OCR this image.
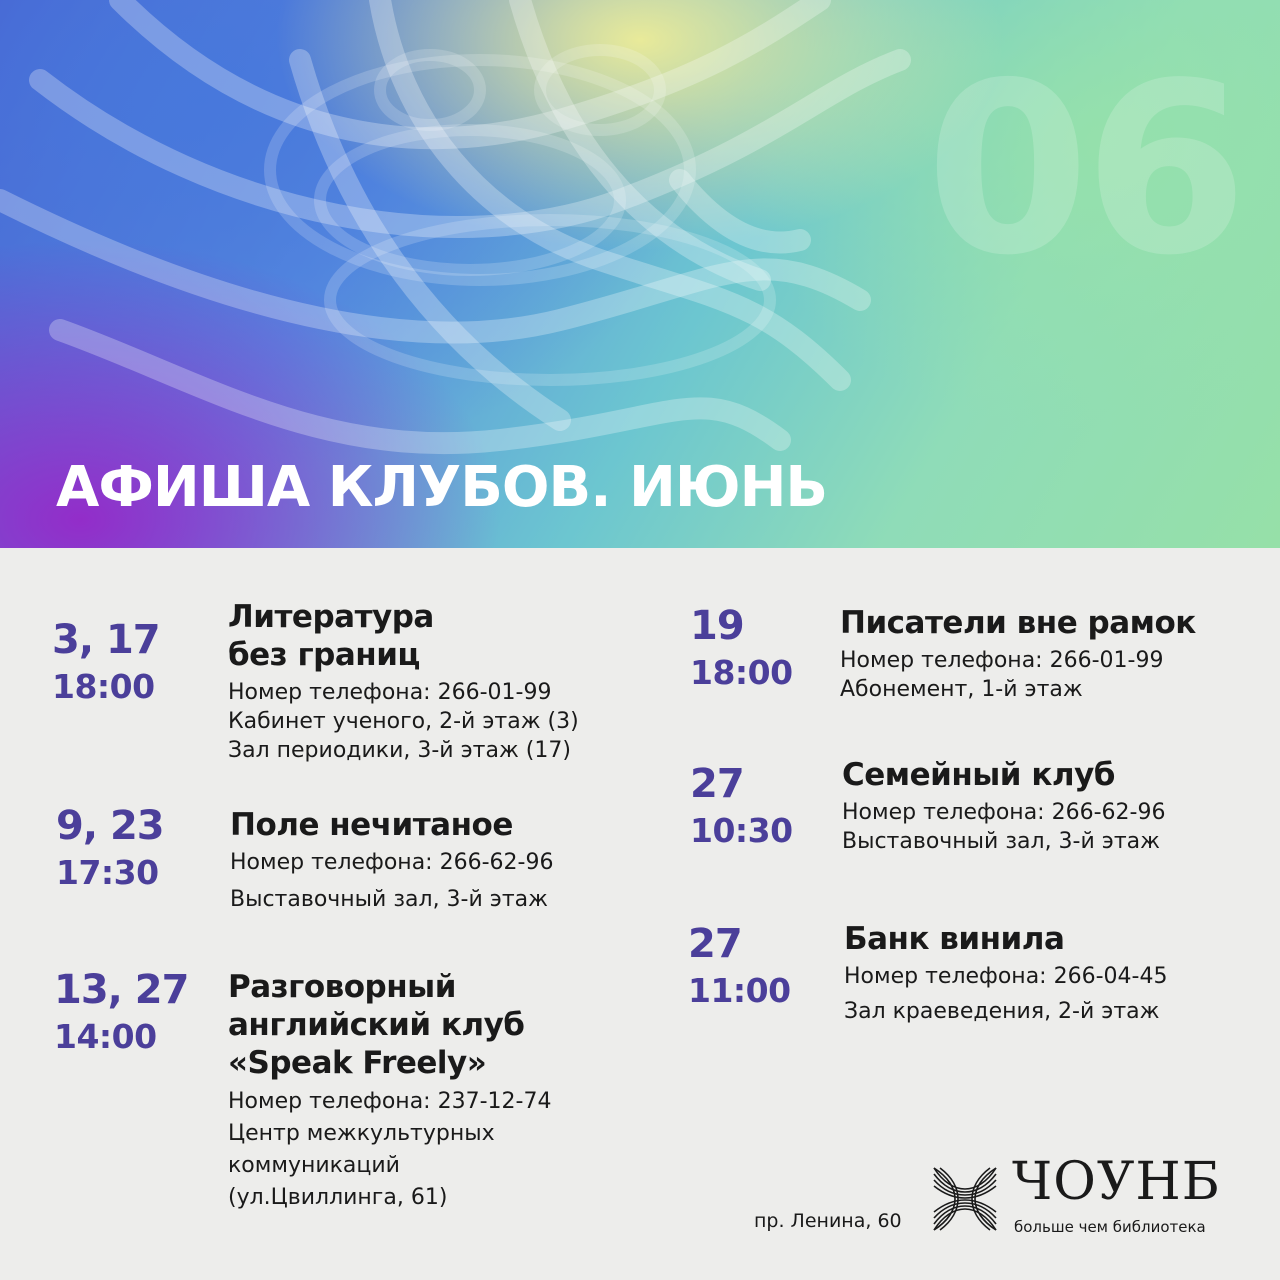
06
АФИША КЛУБОВ. ИЮНЬ
3, 17
18:00
Литература
без границ
Номер телефона: 266-01-99
Кабинет ученого, 2-й этаж (3)
Зал периодики, 3-й этаж (17)
9, 23
17:30
Поле нечитаное
Номер телефона: 266-62-96
Выставочный зал, 3-й этаж
13, 27
14:00
Разговорный
английский клуб
«Speak Freely»
Номер телефона: 237-12-74
Центр межкультурных
коммуникаций
(ул.Цвиллинга, 61)
19
18:00
Писатели вне рамок
Номер телефона: 266-01-99
Абонемент, 1-й этаж
27
10:30
Семейный клуб
Номер телефона: 266-62-96
Выставочный зал, 3-й этаж
27
11:00
Банк винила
Номер телефона: 266-04-45
Зал краеведения, 2-й этаж
пр. Ленина, 60
ЧОУНБ
больше чем библиотека
